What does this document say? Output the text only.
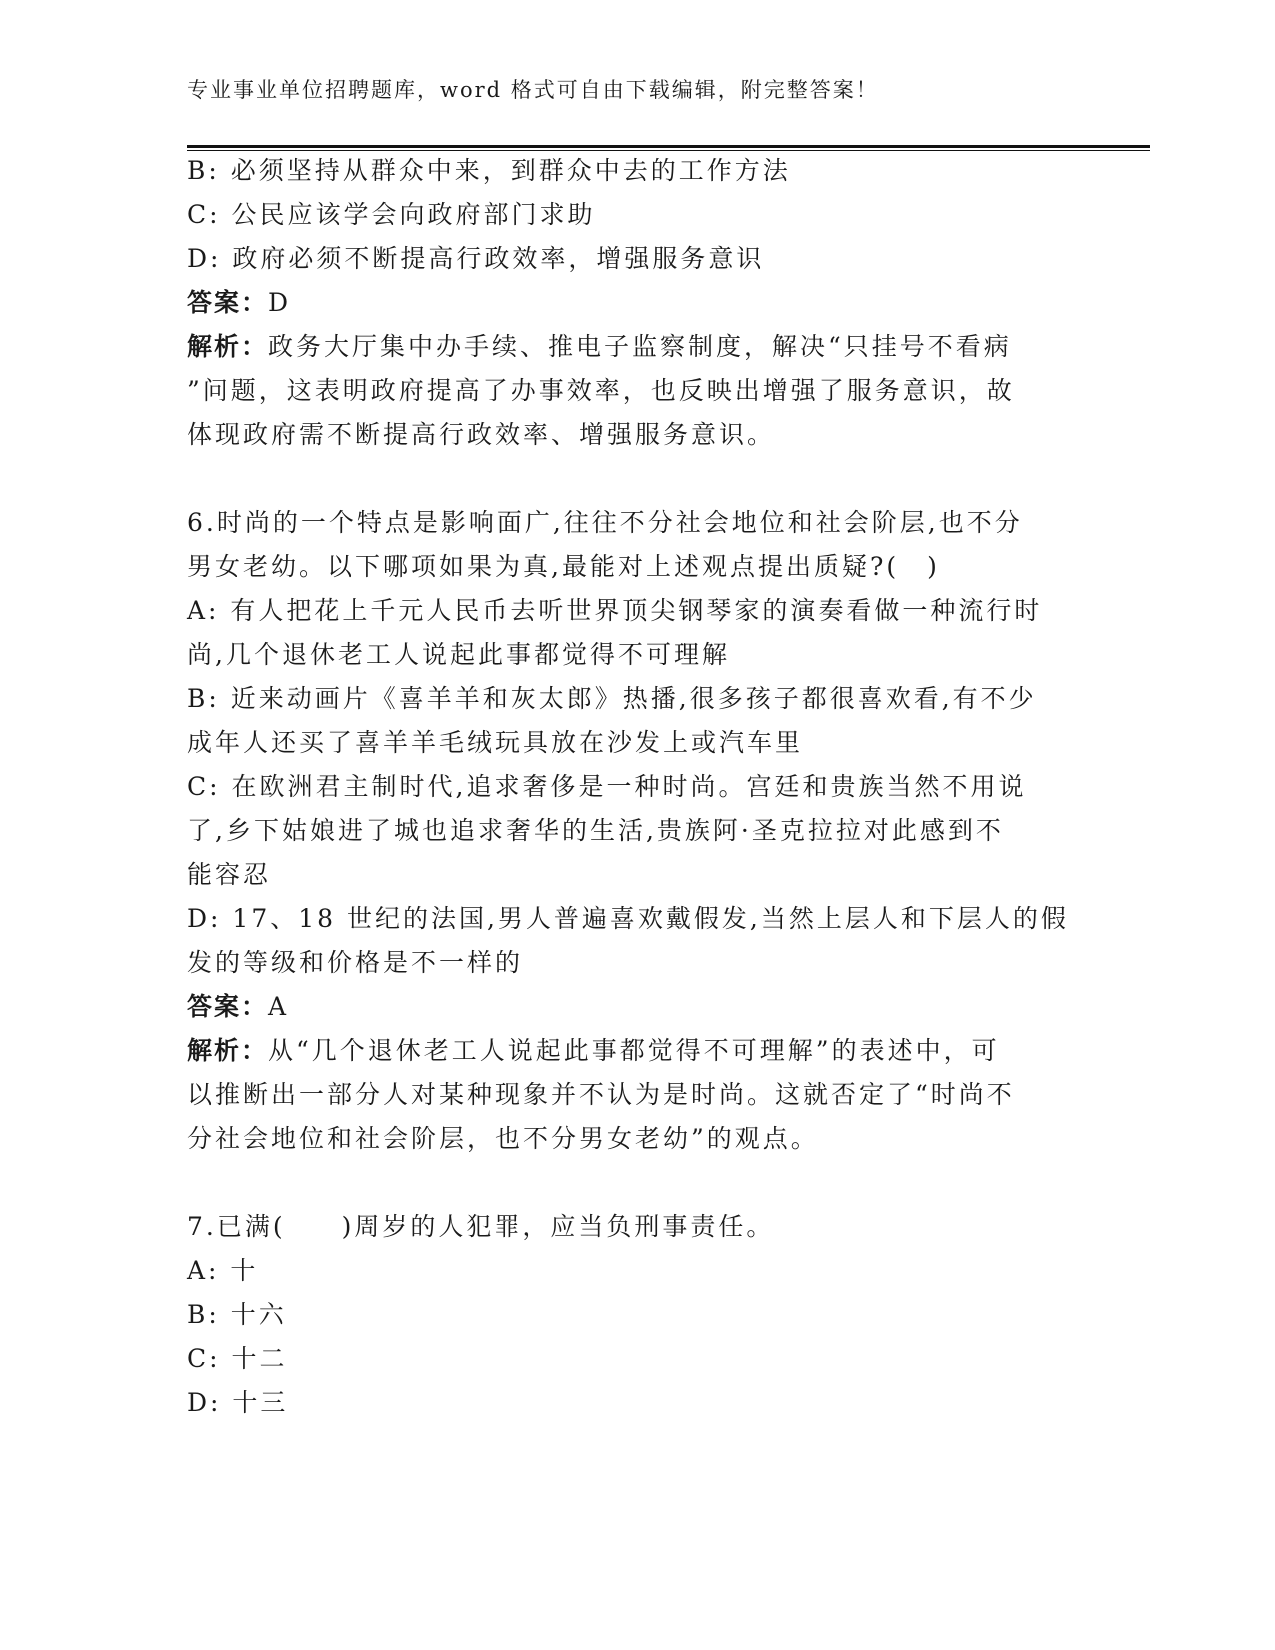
专业事业单位招聘题库，word 格式可自由下载编辑，附完整答案！
B: 必须坚持从群众中来，到群众中去的工作方法
C: 公民应该学会向政府部门求助
D: 政府必须不断提高行政效率，增强服务意识
答案：D
解析：政务大厅集中办手续、推电子监察制度，解决“只挂号不看病
”问题，这表明政府提高了办事效率，也反映出增强了服务意识，故
体现政府需不断提高行政效率、增强服务意识。
6.时尚的一个特点是影响面广,往往不分社会地位和社会阶层,也不分
男女老幼。以下哪项如果为真,最能对上述观点提出质疑?(　)
A: 有人把花上千元人民币去听世界顶尖钢琴家的演奏看做一种流行时
尚,几个退休老工人说起此事都觉得不可理解
B: 近来动画片《喜羊羊和灰太郎》热播,很多孩子都很喜欢看,有不少
成年人还买了喜羊羊毛绒玩具放在沙发上或汽车里
C: 在欧洲君主制时代,追求奢侈是一种时尚。宫廷和贵族当然不用说
了,乡下姑娘进了城也追求奢华的生活,贵族阿·圣克拉拉对此感到不
能容忍
D: 17、18 世纪的法国,男人普遍喜欢戴假发,当然上层人和下层人的假
发的等级和价格是不一样的
答案：A
解析：从“几个退休老工人说起此事都觉得不可理解”的表述中，可
以推断出一部分人对某种现象并不认为是时尚。这就否定了“时尚不
分社会地位和社会阶层，也不分男女老幼”的观点。
7.已满(　　)周岁的人犯罪，应当负刑事责任。
A: 十
B: 十六
C: 十二
D: 十三
